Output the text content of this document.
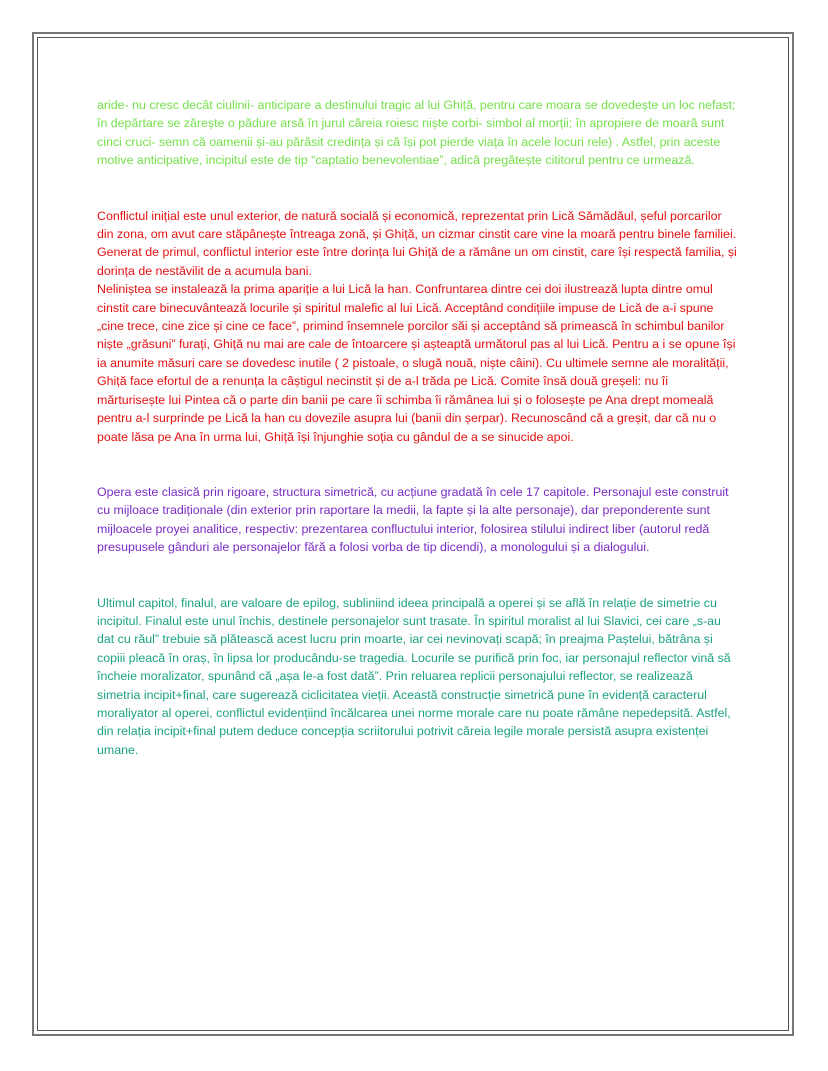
aride- nu cresc decât ciulinii- anticipare a destinului tragic al lui Ghiță, pentru care moara se dovedește un loc nefast; în depărtare se zărește o pădure arsă în jurul căreia roiesc niște corbi- simbol al morții; în apropiere de moară sunt cinci cruci- semn că oamenii și-au părăsit credința și că își pot pierde viața în acele locuri rele) . Astfel, prin aceste motive anticipative, incipitul este de tip “captatio benevolentiae”, adică pregătește cititorul pentru ce urmează.

Conflictul inițial este unul exterior, de natură socială și economică, reprezentat prin Lică Sămădăul, șeful porcarilor din zona, om avut care stăpânește întreaga zonă, și Ghiță, un cizmar cinstit care vine la moară pentru binele familiei. Generat de primul, conflictul interior este între dorința lui Ghiță de a rămâne un om cinstit, care își respectă familia, și dorința de nestăvilit de a acumula bani.

Neliniștea se instalează la prima apariție a lui Lică la han. Confruntarea dintre cei doi ilustrează lupta dintre omul cinstit care binecuvântează locurile și spiritul malefic al lui Lică. Acceptând condițiile impuse de Lică de a-i spune „cine trece, cine zice și cine ce face”, primind însemnele porcilor săi și acceptând să primească în schimbul banilor niște „grăsuni” furați, Ghiță nu mai are cale de întoarcere și așteaptă următorul pas al lui Lică. Pentru a i se opune își ia anumite măsuri care se dovedesc inutile ( 2 pistoale, o slugă nouă, niște câini). Cu ultimele semne ale moralității, Ghiță face efortul de a renunța la câștigul necinstit și de a-l trăda pe Lică. Comite însă două greșeli: nu îi mărturisește lui Pintea că o parte din banii pe care îi schimba îi rămânea lui și o folosește pe Ana drept momeală pentru a-l surprinde pe Lică la han cu dovezile asupra lui (banii din șerpar). Recunoscând că a greșit, dar că nu o poate lăsa pe Ana în urma lui, Ghiță își înjunghie soția cu gândul de a se sinucide apoi.

Opera este clasică prin rigoare, structura simetrică, cu acțiune gradată în cele 17 capitole. Personajul este construit cu mijloace tradiționale (din exterior prin raportare la medii, la fapte și la alte personaje), dar preponderente sunt mijloacele proyei analitice, respectiv: prezentarea confluctului interior, folosirea stilului indirect liber (autorul redă presupusele gânduri ale personajelor fără a folosi vorba de tip dicendi), a monologului și a dialogului.

Ultimul capitol, finalul, are valoare de epilog, subliniind ideea principală a operei și se află în relație de simetrie cu incipitul. Finalul este unul închis, destinele personajelor sunt trasate. În spiritul moralist al lui Slavici, cei care „s-au dat cu răul” trebuie să plătească acest lucru prin moarte, iar cei nevinovați scapă; în preajma Paștelui, bătrâna și copiii pleacă în oraș, în lipsa lor producându-se tragedia. Locurile se purifică prin foc, iar personajul reflector vină să încheie moralizator, spunând că „așa le-a fost dată”. Prin reluarea replicii personajului reflector, se realizează simetria incipit+final, care sugerează ciclicitatea vieții. Această construcție simetrică pune în evidență caracterul moraliyator al operei, conflictul evidențiind încălcarea unei norme morale care nu poate rămâne nepedepsită. Astfel, din relația incipit+final putem deduce concepția scriitorului potrivit căreia legile morale persistă asupra existenței umane.
